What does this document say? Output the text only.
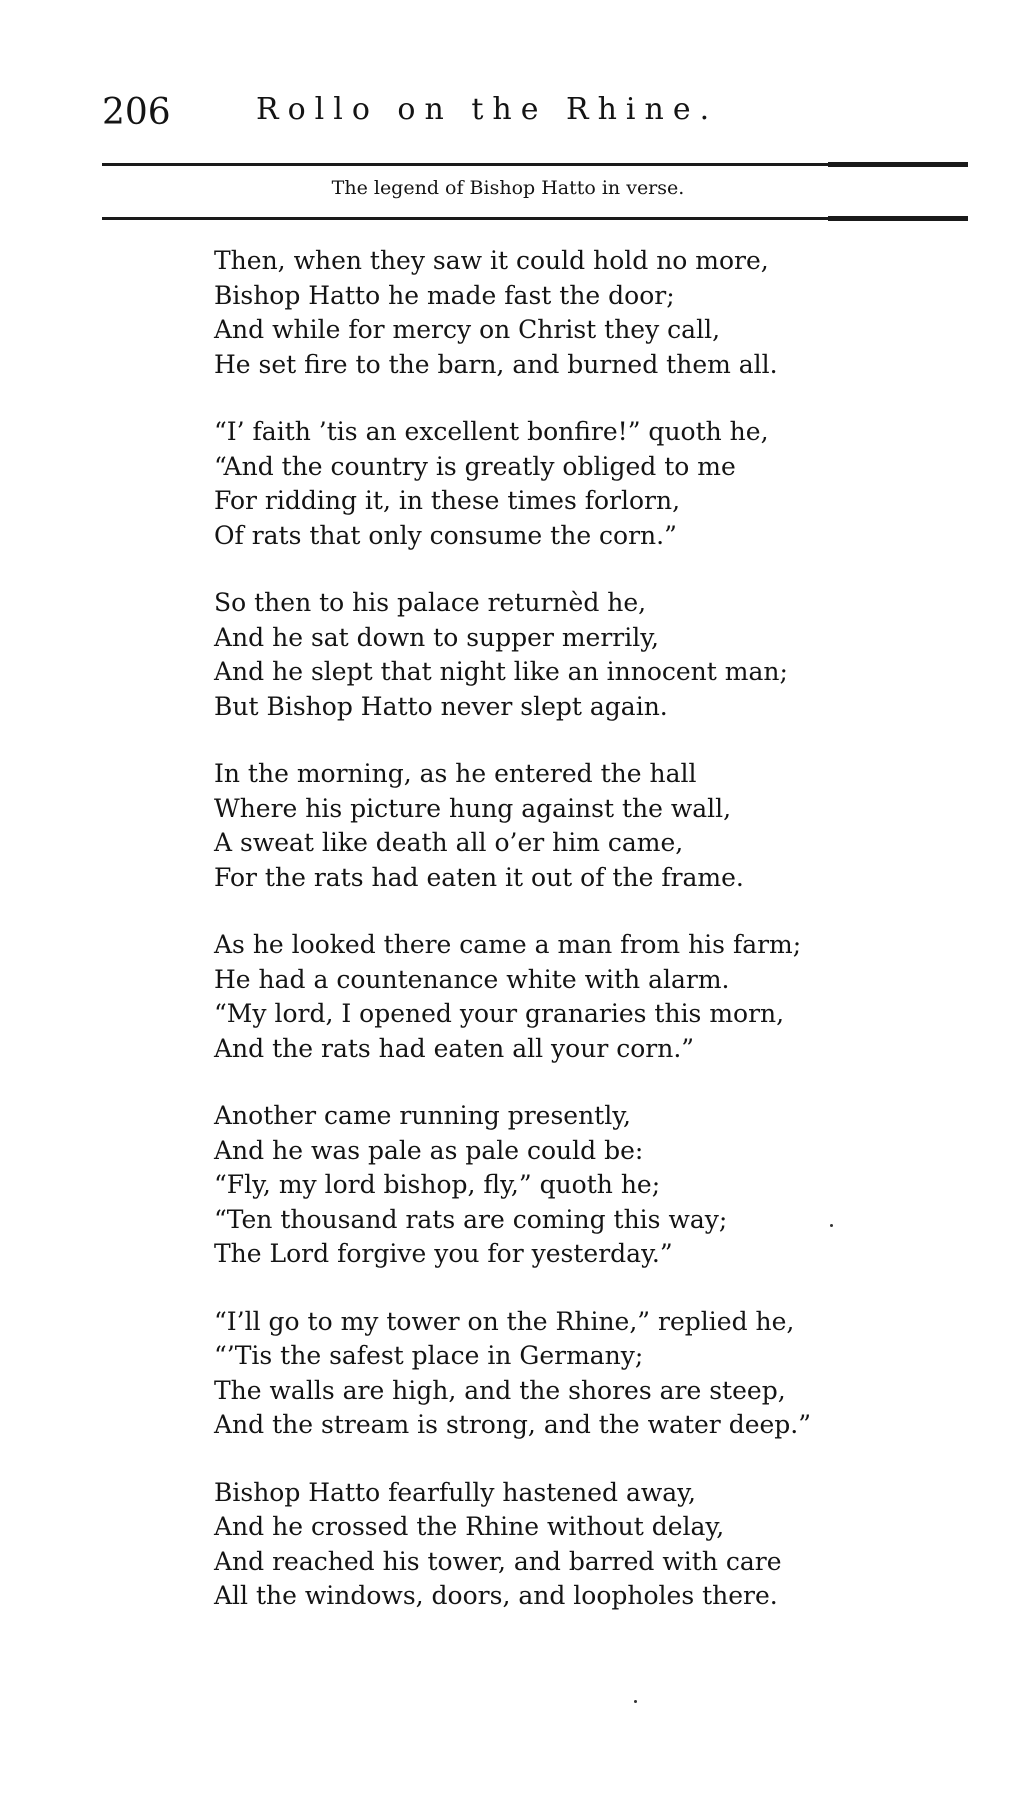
206	Rollo on the Rhine.
The legend of Bishop Hatto in verse.
Then, when they saw it could hold no more,
Bishop Hatto he made fast the door;
And while for mercy on Christ they call,
He set fire to the barn, and burned them all.
“I’ faith ’tis an excellent bonfire!” quoth he,
“And the country is greatly obliged to me
For ridding it, in these times forlorn,
Of rats that only consume the corn.”
So then to his palace returnèd he,
And he sat down to supper merrily,
And he slept that night like an innocent man;
But Bishop Hatto never slept again.
In the morning, as he entered the hall
Where his picture hung against the wall,
A sweat like death all o’er him came,
For the rats had eaten it out of the frame.
As he looked there came a man from his farm;
He had a countenance white with alarm.
“My lord, I opened your granaries this morn,
And the rats had eaten all your corn.”
Another came running presently,
And he was pale as pale could be:
“Fly, my lord bishop, fly,” quoth he;
“Ten thousand rats are coming this way;
The Lord forgive you for yesterday.”
“I’ll go to my tower on the Rhine,” replied he,
“’Tis the safest place in Germany;
The walls are high, and the shores are steep,
And the stream is strong, and the water deep.”
Bishop Hatto fearfully hastened away,
And he crossed the Rhine without delay,
And reached his tower, and barred with care
All the windows, doors, and loopholes there.
